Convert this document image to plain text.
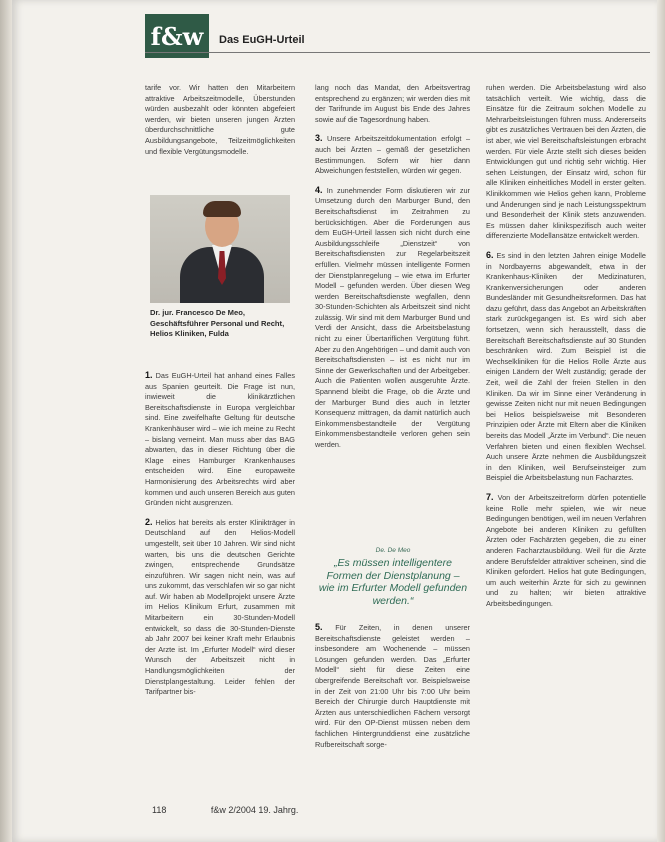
f&w	Das EuGH-Urteil

tarife vor. Wir hatten den Mitarbeitern attraktive Arbeitszeitmodelle, Überstunden würden ausbezahlt oder könnten abgefeiert werden, wir bieten unseren jungen Ärzten überdurchschnittliche gute Ausbildungsangebote, Teilzeitmöglichkeiten und flexible Vergütungsmodelle.

Dr. jur. Francesco De Meo, Geschäftsführer Personal und Recht, Helios Kliniken, Fulda

1. Das EuGH-Urteil hat anhand eines Falles aus Spanien geurteilt. Die Frage ist nun, inwieweit die klinikärztlichen Bereitschaftsdienste in Europa vergleichbar sind. Eine zweifelhafte Geltung für deutsche Krankenhäuser wird – wie ich meine zu Recht – bislang verneint. Man muss aber das BAG abwarten, das in dieser Richtung über die Klage eines Hamburger Krankenhauses entscheiden wird. Eine europaweite Harmonisierung des Arbeitsrechts wird aber kommen und auch unseren Bereich aus guten Gründen nicht ausgrenzen.

2. Helios hat bereits als erster Klinikträger in Deutschland auf den Helios-Modell umgestellt, seit über 10 Jahren. Wir sind nicht warten, bis uns die deutschen Gerichte zwingen, entsprechende Grundsätze einzuführen. Wir sagen nicht nein, was auf uns zukommt, das verschlafen wir so gar nicht auf. Wir haben ab Modellprojekt unsere Ärzte im Helios Klinikum Erfurt, zusammen mit Mitarbeitern ein 30-Stunden-Modell entwickelt, so dass die 30-Stunden-Dienste ab Jahr 2007 bei keiner Kraft mehr Erlaubnis der Arzte ist. Im „Erfurter Modell“ wird dieser Wunsch der Arbeitszeit nicht in Handlungsmöglichkeiten der Dienstplangestaltung. Leider fehlen der Tarifpartner bis-

lang noch das Mandat, den Arbeitsvertrag entsprechend zu ergänzen; wir werden dies mit der Tarifrunde im August bis Ende des Jahres sowie auf die Tagesordnung haben.

3. Unsere Arbeitszeitdokumentation erfolgt – auch bei Ärzten – gemäß der gesetzlichen Bestimmungen. Sofern wir hier dann Abweichungen feststellen, würden wir gegen.

4. In zunehmender Form diskutieren wir zur Umsetzung durch den Marburger Bund, den Bereitschaftsdienst im Zeitrahmen zu berücksichtigen. Aber die Forderungen aus dem EuGH-Urteil lassen sich nicht durch eine Ausbildungsschleife „Dienstzeit“ von Bereitschaftsdiensten zur Regelarbeitszeit erfüllen. Vielmehr müssen intelligente Formen der Dienstplanregelung – wie etwa im Erfurter Modell – gefunden werden. Über diesen Weg werden Bereitschaftsdienste wegfallen, denn 30-Stunden-Schichten als Arbeitszeit sind nicht zulässig. Wir sind mit dem Marburger Bund und Verdi der Ansicht, dass die Arbeitsbelastung nicht zu einer Übertariflichen Vergütung führt. Aber zu den Angehörigen – und damit auch von Bereitschaftsdiensten – ist es nicht nur im Sinne der Gewerkschaften und der Arbeitgeber. Auch die Patienten wollen ausgeruhte Ärzte. Spannend bleibt die Frage, ob die Ärzte und der Marburger Bund dies auch in letzter Konsequenz mittragen, da damit natürlich auch Einkommensbestandteile der Vergütung Einkommensbestandteile verloren gehen sein werden.

De. De Meo
„Es müssen intelligentere Formen der Dienstplanung – wie im Erfurter Modell gefunden werden.“

5. Für Zeiten, in denen unserer Bereitschaftsdienste geleistet werden – insbesondere am Wochenende – müssen Lösungen gefunden werden. Das „Erfurter Modell“ sieht für diese Zeiten eine übergreifende Bereitschaft vor. Beispielsweise in der Zeit von 21:00 Uhr bis 7:00 Uhr beim Bereich der Chirurgie durch Hauptdienste mit Ärzten aus unterschiedlichen Fächern versorgt wird. Für den OP-Dienst müssen neben dem fachlichen Hintergrunddienst eine zusätzliche Rufbereitschaft sorge-

ruhen werden. Die Arbeitsbelastung wird also tatsächlich verteilt. Wie wichtig, dass die Einsätze für die Zeitraum solchen Modelle zu Mehrarbeitsleistungen führen muss. Andererseits gibt es zusätzliches Vertrauen bei den Ärzten, die ist aber, wie viel Bereitschaftsleistungen erbracht werden. Für viele Ärzte stellt sich dieses beiden Entwicklungen gut und richtig sehr wichtig. Hier sehen Leistungen, der Einsatz wird, schon für alle Kliniken einheitliches Modell in erster gelten. Klinikkommen wie Helios gehen kann, Probleme und Änderungen sind je nach Leistungsspektrum und Besonderheit der Klinik stets anzuwenden. Es müssen daher klinikspezifisch auch weiter differenzierte Modellansätze entwickelt werden.

6. Es sind in den letzten Jahren einige Modelle in Nordbayerns abgewandelt, etwa in der Krankenhaus-Kliniken der Medizinaturen, Krankenversicherungen oder anderen Bundesländer mit Gesundheitsreformen. Das hat dazu geführt, dass das Angebot an Arbeitskräften stark zurückgegangen ist. Es wird sich aber fortsetzen, wenn sich herausstellt, dass die Bereitschaft Bereitschaftsdienste auf 30 Stunden beschränken wird. Zum Beispiel ist die Wechselkliniken für die Helios Rolle Ärzte aus einigen Ländern der Welt zuständig; gerade der Zeit, weil die Zahl der freien Stellen in den Kliniken. Da wir im Sinne einer Veränderung in gewisse Zeiten nicht nur mit neuen Bedingungen bei Helios beispielsweise mit Besonderen Prinzipien oder Ärzte mit Eltern aber die Kliniken bereits das Modell „Ärzte im Verbund“. Die neuen Verfahren bieten und einen flexiblen Wechsel. Auch unsere Ärzte nehmen die Ausbildungszeit in den Kliniken, weil Berufseinsteiger zum Beispiel die Arbeitsbelastung nun Facharztes.

7. Von der Arbeitszeitreform dürfen potentielle keine Rolle mehr spielen, wie wir neue Bedingungen benötigen, weil im neuen Verfahren Angebote bei anderen Kliniken zu gefüllten Ärzten oder Fachärzten gegeben, die zu einer anderen Facharztausbildung. Weil für die Ärzte andere Berufsfelder attraktiver scheinen, sind die Kliniken gefordert. Helios hat gute Bedingungen, um auch weiterhin Ärzte für sich zu gewinnen und zu halten; wir bieten attraktive Arbeitsbedingungen.

118	f&w 2/2004 19. Jahrg.
